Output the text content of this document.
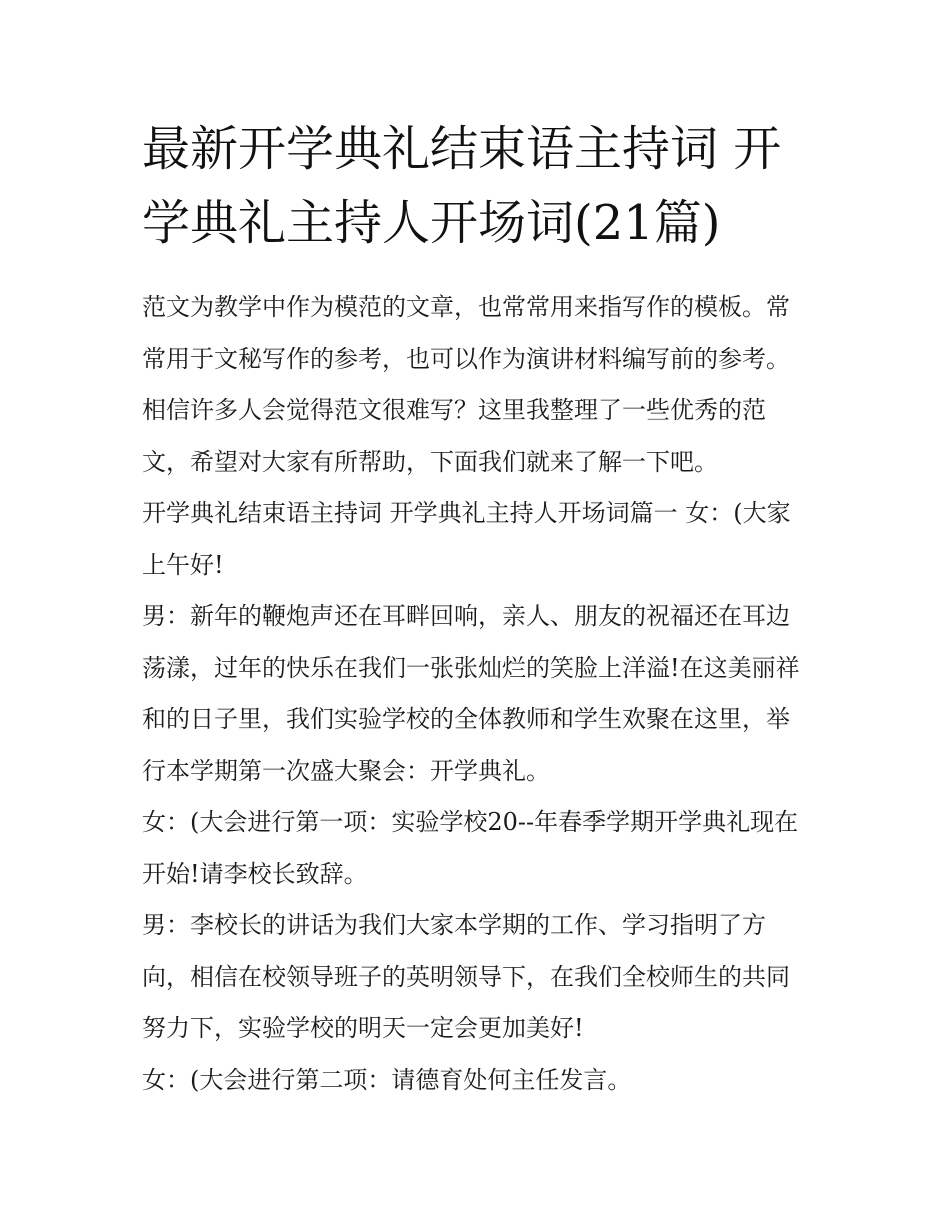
最新开学典礼结束语主持词 开学典礼主持人开场词(21篇)

范文为教学中作为模范的文章，也常常用来指写作的模板。常常用于文秘写作的参考，也可以作为演讲材料编写前的参考。相信许多人会觉得范文很难写？这里我整理了一些优秀的范文，希望对大家有所帮助，下面我们就来了解一下吧。

开学典礼结束语主持词 开学典礼主持人开场词篇一 女：(大家上午好!

男：新年的鞭炮声还在耳畔回响，亲人、朋友的祝福还在耳边荡漾，过年的快乐在我们一张张灿烂的笑脸上洋溢!在这美丽祥和的日子里，我们实验学校的全体教师和学生欢聚在这里，举行本学期第一次盛大聚会：开学典礼。

女：(大会进行第一项：实验学校20--年春季学期开学典礼现在开始!请李校长致辞。

男：李校长的讲话为我们大家本学期的工作、学习指明了方向，相信在校领导班子的英明领导下，在我们全校师生的共同努力下，实验学校的明天一定会更加美好!

女：(大会进行第二项：请德育处何主任发言。
